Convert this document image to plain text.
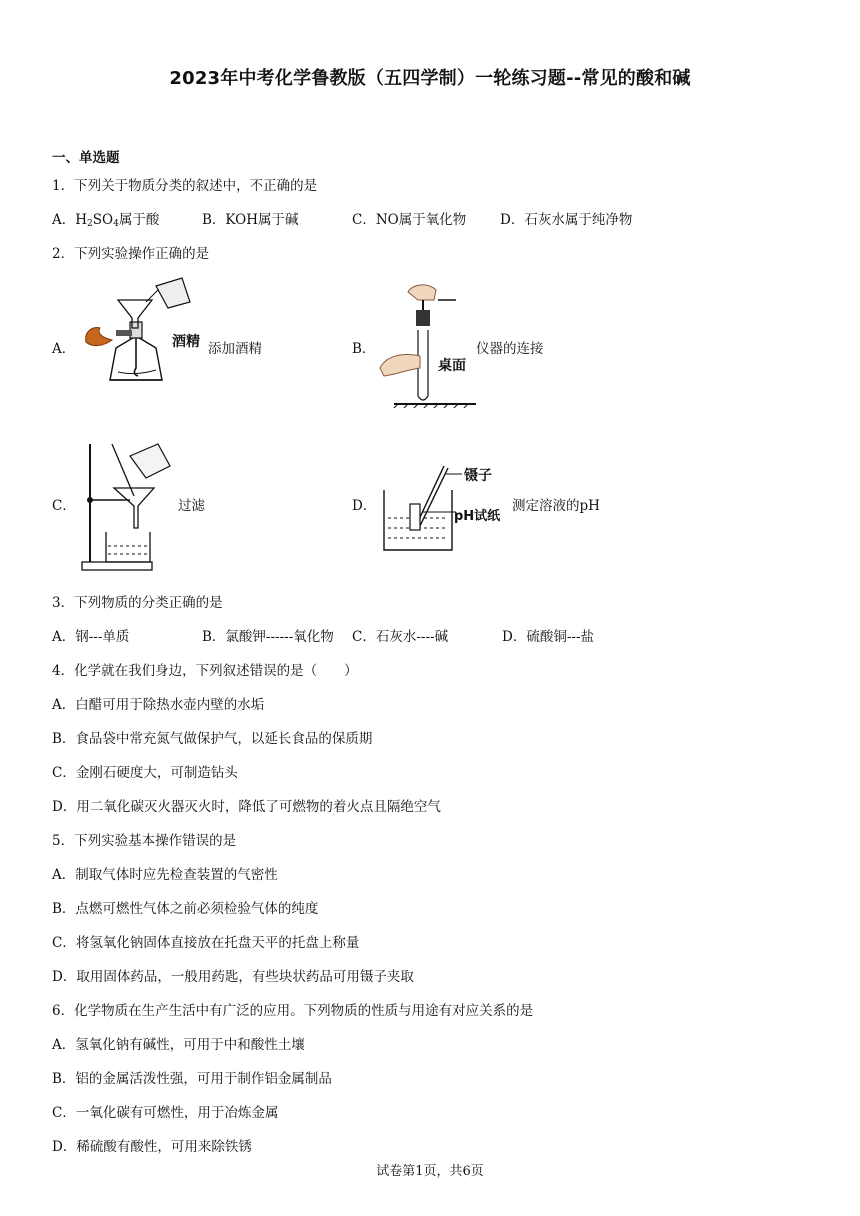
2023年中考化学鲁教版（五四学制）一轮练习题--常见的酸和碱
一、单选题
1．下列关于物质分类的叙述中，不正确的是
A．$H_2SO_4$属于酸	B．KOH属于碱	C．NO属于氧化物	D．石灰水属于纯净物
2．下列实验操作正确的是
A．	酒精 添加酒精	B．
桌面
仪器的连接
C．	过滤	D．
镊子
pH试纸
测定溶液的pH
3．下列物质的分类正确的是
A．钢---单质	B．氯酸钾------氧化物 C．石灰水----碱	D．硫酸铜---盐
4．化学就在我们身边，下列叙述错误的是（　　）
A．白醋可用于除热水壶内壁的水垢
B．食品袋中常充氮气做保护气，以延长食品的保质期
C．金刚石硬度大，可制造钻头
D．用二氧化碳灭火器灭火时，降低了可燃物的着火点且隔绝空气
5．下列实验基本操作错误的是
A．制取气体时应先检查装置的气密性
B．点燃可燃性气体之前必须检验气体的纯度
C．将氢氧化钠固体直接放在托盘天平的托盘上称量
D．取用固体药品，一般用药匙，有些块状药品可用镊子夹取
6．化学物质在生产生活中有广泛的应用。下列物质的性质与用途有对应关系的是
A．氢氧化钠有碱性，可用于中和酸性土壤
B．铝的金属活泼性强，可用于制作铝金属制品
C．一氧化碳有可燃性，用于冶炼金属
D．稀硫酸有酸性，可用来除铁锈
试卷第1页，共6页
